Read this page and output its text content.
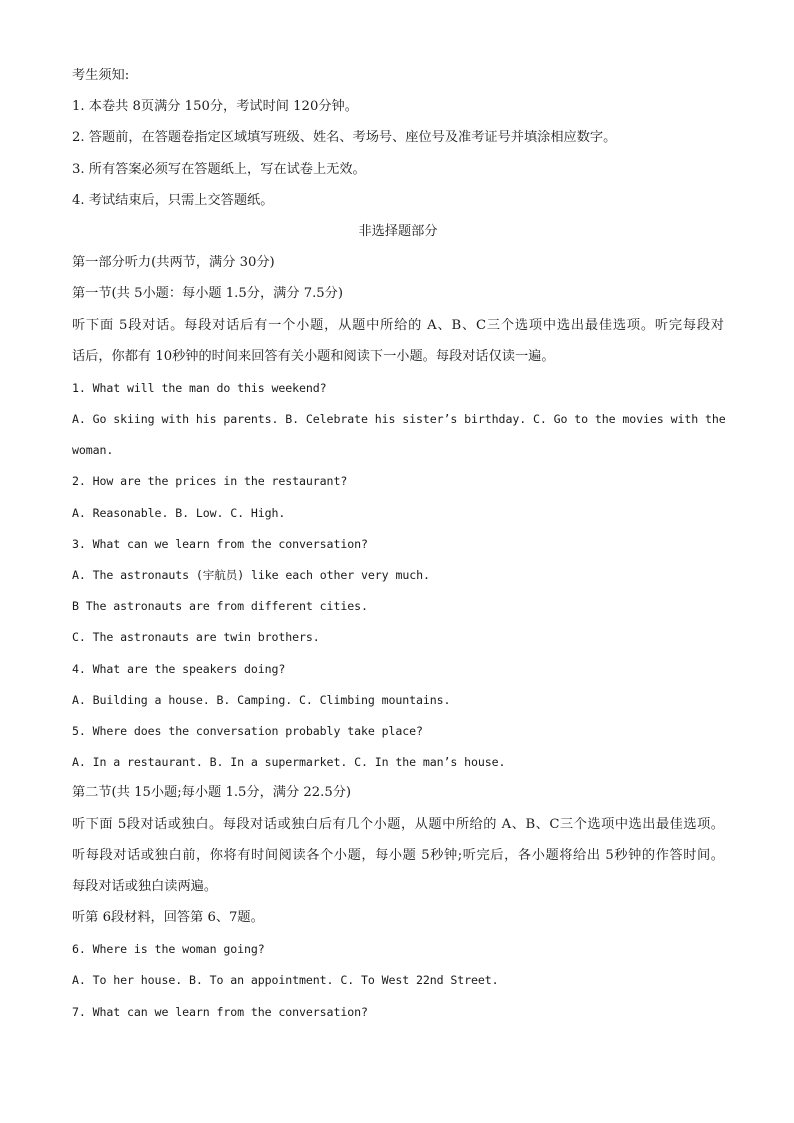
考生须知:
1. 本卷共 8页满分 150分，考试时间 120分钟。
2. 答题前，在答题卷指定区域填写班级、姓名、考场号、座位号及准考证号并填涂相应数字。
3. 所有答案必须写在答题纸上，写在试卷上无效。
4. 考试结束后，只需上交答题纸。
非选择题部分
第一部分听力(共两节，满分 30分)
第一节(共 5小题：每小题 1.5分，满分 7.5分)
听下面 5段对话。每段对话后有一个小题，从题中所给的 A、B、C三个选项中选出最佳选项。听完每段对
话后，你都有 10秒钟的时间来回答有关小题和阅读下一小题。每段对话仅读一遍。
1. What will the man do this weekend?
A. Go skiing with his parents. B. Celebrate his sister’s birthday. C. Go to the movies with the
woman.
2. How are the prices in the restaurant?
A. Reasonable. B. Low. C. High.
3. What can we learn from the conversation?
A. The astronauts (宇航员) like each other very much.
B The astronauts are from different cities.
C. The astronauts are twin brothers.
4. What are the speakers doing?
A. Building a house. B. Camping. C. Climbing mountains.
5. Where does the conversation probably take place?
A. In a restaurant. B. In a supermarket. C. In the man’s house.
第二节(共 15小题;每小题 1.5分，满分 22.5分)
听下面 5段对话或独白。每段对话或独白后有几个小题，从题中所给的 A、B、C三个选项中选出最佳选项。
听每段对话或独白前，你将有时间阅读各个小题，每小题 5秒钟;听完后，各小题将给出 5秒钟的作答时间。
每段对话或独白读两遍。
听第 6段材料，回答第 6、7题。
6. Where is the woman going?
A. To her house. B. To an appointment. C. To West 22nd Street.
7. What can we learn from the conversation?
